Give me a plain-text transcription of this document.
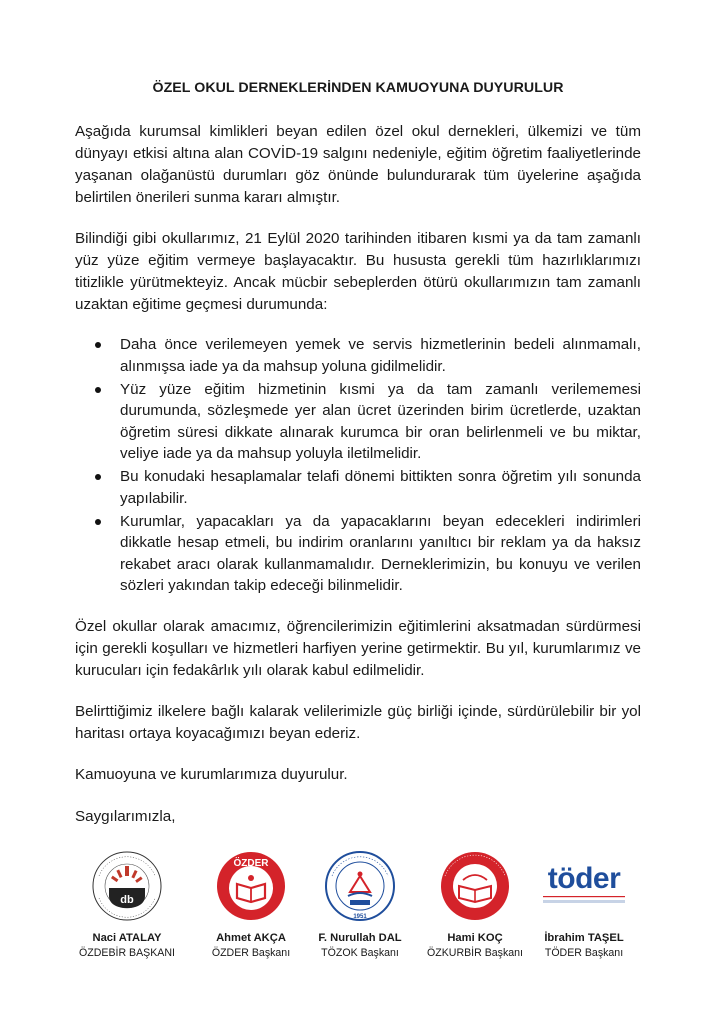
ÖZEL OKUL DERNEKLERİNDEN KAMUOYUNA DUYURULUR

Aşağıda kurumsal kimlikleri beyan edilen özel okul dernekleri, ülkemizi ve tüm dünyayı etkisi altına alan COVİD-19 salgını nedeniyle, eğitim öğretim faaliyetlerinde yaşanan olağanüstü durumları göz önünde bulundurarak tüm üyelerine aşağıda belirtilen önerileri sunma kararı almıştır.

Bilindiği gibi okullarımız, 21 Eylül 2020 tarihinden itibaren kısmi ya da tam zamanlı yüz yüze eğitim vermeye başlayacaktır. Bu hususta gerekli tüm hazırlıklarımızı titizlikle yürütmekteyiz. Ancak mücbir sebeplerden ötürü okullarımızın tam zamanlı uzaktan eğitime geçmesi durumunda:

Daha önce verilemeyen yemek ve servis hizmetlerinin bedeli alınmamalı, alınmışsa iade ya da mahsup yoluna gidilmelidir.
Yüz yüze eğitim hizmetinin kısmi ya da tam zamanlı verilememesi durumunda, sözleşmede yer alan ücret üzerinden birim ücretlerde, uzaktan öğretim süresi dikkate alınarak kurumca bir oran belirlenmeli ve bu miktar, veliye iade ya da mahsup yoluyla iletilmelidir.
Bu konudaki hesaplamalar telafi dönemi bittikten sonra öğretim yılı sonunda yapılabilir.
Kurumlar, yapacakları ya da yapacaklarını beyan edecekleri indirimleri dikkatle hesap etmeli, bu indirim oranlarını yanıltıcı bir reklam ya da haksız rekabet aracı olarak kullanmamalıdır. Derneklerimizin, bu konuyu ve verilen sözleri yakından takip edeceği bilinmelidir.

Özel okullar olarak amacımız, öğrencilerimizin eğitimlerini aksatmadan sürdürmesi için gerekli koşulları ve hizmetleri harfiyen yerine getirmektir. Bu yıl, kurumlarımız ve kurucuları için fedakârlık yılı olarak kabul edilmelidir.

Belirttiğimiz ilkelere bağlı kalarak velilerimizle güç birliği içinde, sürdürülebilir bir yol haritası ortaya koyacağımızı beyan ederiz.

Kamuoyuna ve kurumlarımıza duyurulur.

Saygılarımızla,

db
Naci ATALAY
ÖZDEBİR BAŞKANI
ÖZDER
Ahmet AKÇA
ÖZDER Başkanı
1951
F. Nurullah DAL
TÖZOK Başkanı
Hami KOÇ
ÖZKURBİR Başkanı
töder
İbrahim TAŞEL
TÖDER Başkanı
